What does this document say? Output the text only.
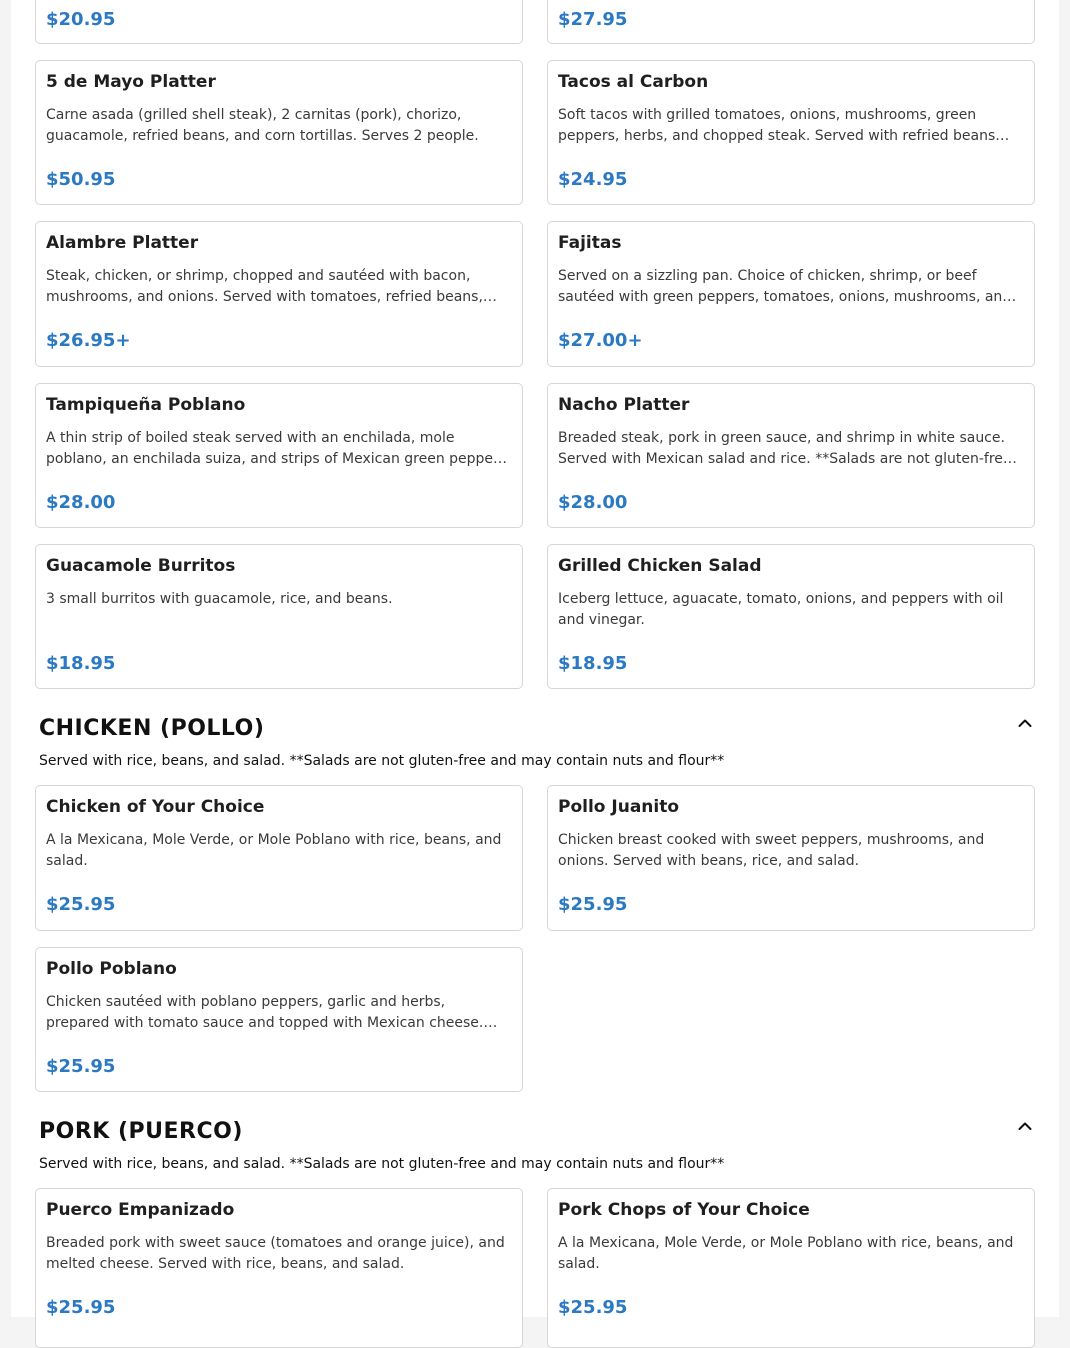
$20.95	$27.95
5 de Mayo Platter
Carne asada (grilled shell steak), 2 carnitas (pork), chorizo, guacamole, refried beans, and corn tortillas. Serves 2 people.
$50.95
Tacos al Carbon
Soft tacos with grilled tomatoes, onions, mushrooms, green peppers, herbs, and chopped steak. Served with refried beans…
$24.95
Alambre Platter
Steak, chicken, or shrimp, chopped and sautéed with bacon, mushrooms, and onions. Served with tomatoes, refried beans,…
$26.95+
Fajitas
Served on a sizzling pan. Choice of chicken, shrimp, or beef sautéed with green peppers, tomatoes, onions, mushrooms, an…
$27.00+
Tampiqueña Poblano
A thin strip of boiled steak served with an enchilada, mole poblano, an enchilada suiza, and strips of Mexican green peppe…
$28.00
Nacho Platter
Breaded steak, pork in green sauce, and shrimp in white sauce. Served with Mexican salad and rice. **Salads are not gluten-fre…
$28.00
Guacamole Burritos
3 small burritos with guacamole, rice, and beans.
$18.95
Grilled Chicken Salad
Iceberg lettuce, aguacate, tomato, onions, and peppers with oil and vinegar.
$18.95
CHICKEN (POLLO)
Served with rice, beans, and salad. **Salads are not gluten-free and may contain nuts and flour**
Chicken of Your Choice
A la Mexicana, Mole Verde, or Mole Poblano with rice, beans, and salad.
$25.95
Pollo Juanito
Chicken breast cooked with sweet peppers, mushrooms, and onions. Served with beans, rice, and salad.
$25.95
Pollo Poblano
Chicken sautéed with poblano peppers, garlic and herbs, prepared with tomato sauce and topped with Mexican cheese.…
$25.95
PORK (PUERCO)
Served with rice, beans, and salad. **Salads are not gluten-free and may contain nuts and flour**
Puerco Empanizado
Breaded pork with sweet sauce (tomatoes and orange juice), and melted cheese. Served with rice, beans, and salad.
$25.95
Pork Chops of Your Choice
A la Mexicana, Mole Verde, or Mole Poblano with rice, beans, and salad.
$25.95
